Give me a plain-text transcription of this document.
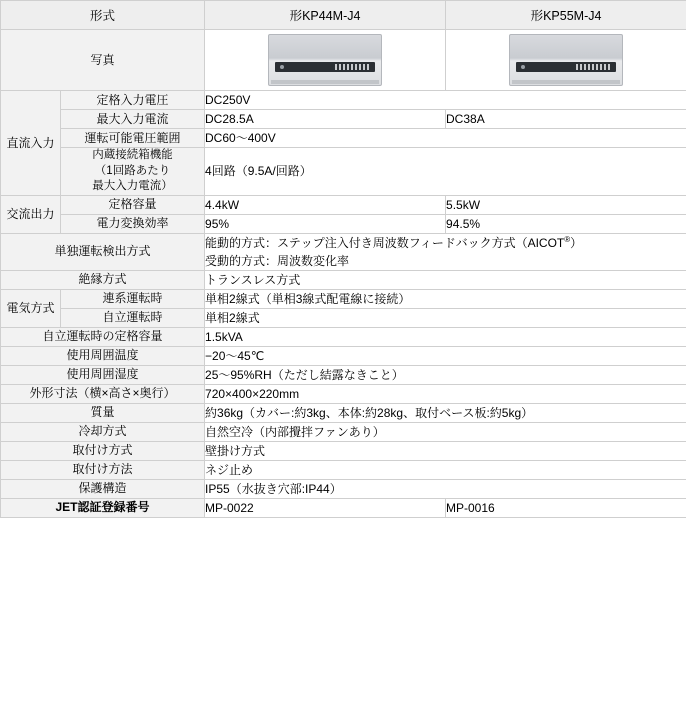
形式		形KP44M-J4	形KP55M-J4
写真		

直流入力	定格入力電圧	DC250V	
	最大入力電流	DC28.5A	DC38A
	運転可能電圧範囲	DC60〜400V	
	内蔵接続箱機能
（1回路あたり
最大入力電流）	4回路（9.5A/回路）	
交流出力	定格容量	4.4kW	5.5kW
	電力変換効率	95%	94.5%
単独運転検出方式		能動的方式：ステップ注入付き周波数フィードバック方式（AICOT®）
受動的方式：周波数変化率	
絶縁方式		トランスレス方式	
電気方式	連系運転時	単相2線式（単相3線式配電線に接続）	
	自立運転時	単相2線式	
自立運転時の定格容量		1.5kVA	
使用周囲温度		−20〜45℃	
使用周囲湿度		25〜95%RH（ただし結露なきこと）	
外形寸法（横×高さ×奥行）		720×400×220mm	
質量		約36kg（カバー:約3kg、本体:約28kg、取付ベース板:約5kg）	
冷却方式		自然空冷（内部攪拌ファンあり）	
取付け方式		壁掛け方式	
取付け方法		ネジ止め	
保護構造		IP55（水抜き穴部:IP44）	
JET認証登録番号		MP-0022	MP-0016
